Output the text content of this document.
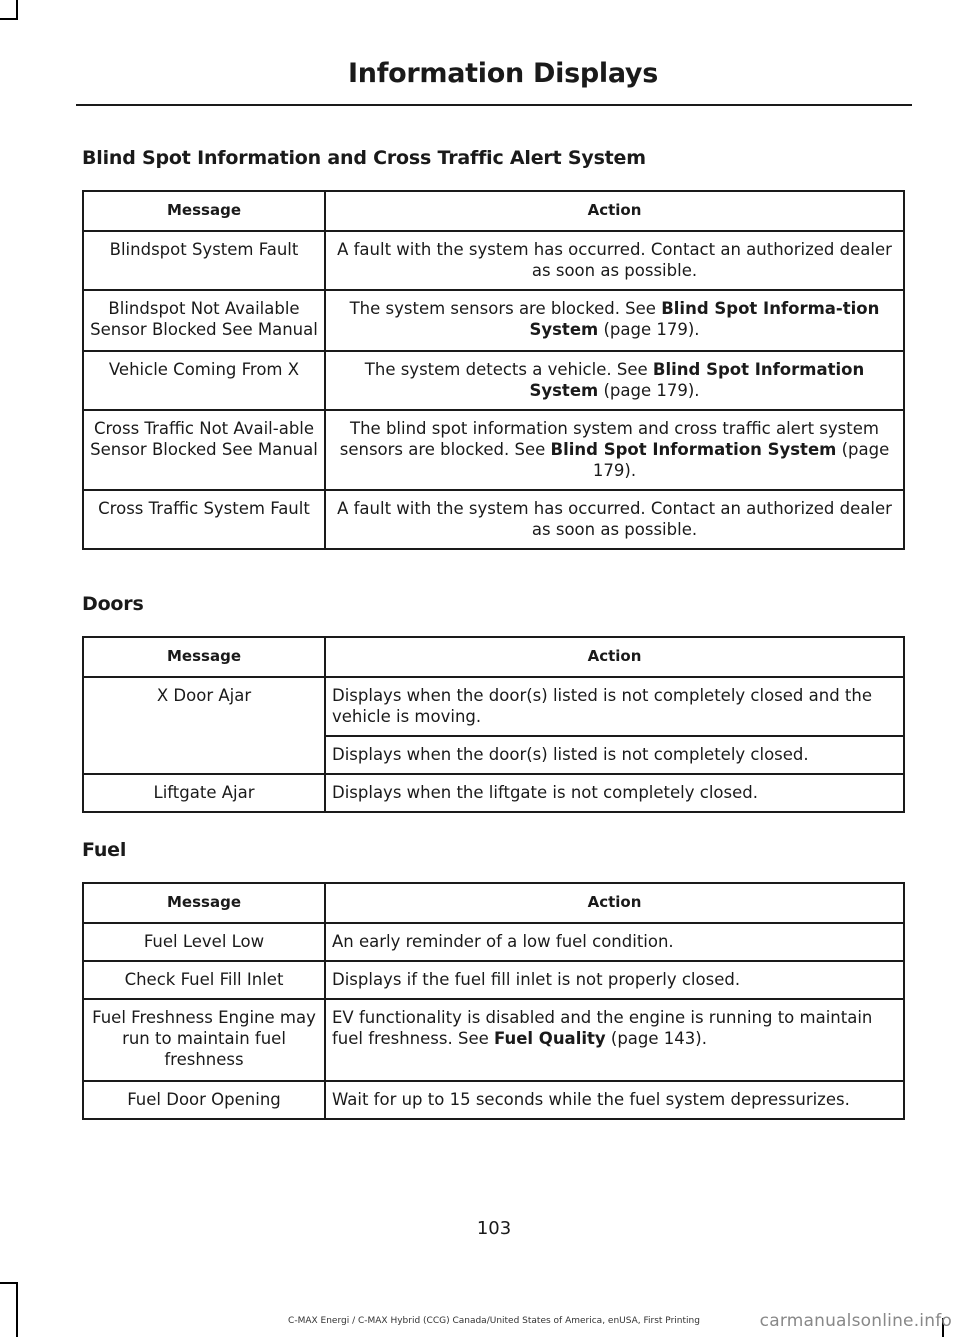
Information Displays
Blind Spot Information and Cross Traffic Alert System
Message	Action
Blindspot System Fault	A fault with the system has occurred. Contact an authorized dealer as soon as possible.
Blindspot Not Available Sensor Blocked See Manual	The system sensors are blocked. See Blind Spot Informa-tion System (page 179).
Vehicle Coming From X	The system detects a vehicle. See Blind Spot Information System (page 179).
Cross Traffic Not Avail-able Sensor Blocked See Manual	The blind spot information system and cross traffic alert system sensors are blocked. See Blind Spot Information System (page 179).
Cross Traffic System Fault	A fault with the system has occurred. Contact an authorized dealer as soon as possible.
Doors
Message	Action
X Door Ajar	Displays when the door(s) listed is not completely closed and the vehicle is moving.
	Displays when the door(s) listed is not completely closed.
Liftgate Ajar	Displays when the liftgate is not completely closed.
Fuel
Message	Action
Fuel Level Low	An early reminder of a low fuel condition.
Check Fuel Fill Inlet	Displays if the fuel fill inlet is not properly closed.
Fuel Freshness Engine may run to maintain fuel freshness	EV functionality is disabled and the engine is running to maintain fuel freshness. See Fuel Quality (page 143).
Fuel Door Opening	Wait for up to 15 seconds while the fuel system depressurizes.
103
C-MAX Energi / C-MAX Hybrid (CCG) Canada/United States of America, enUSA, First Printing	carmanualsonline.info
